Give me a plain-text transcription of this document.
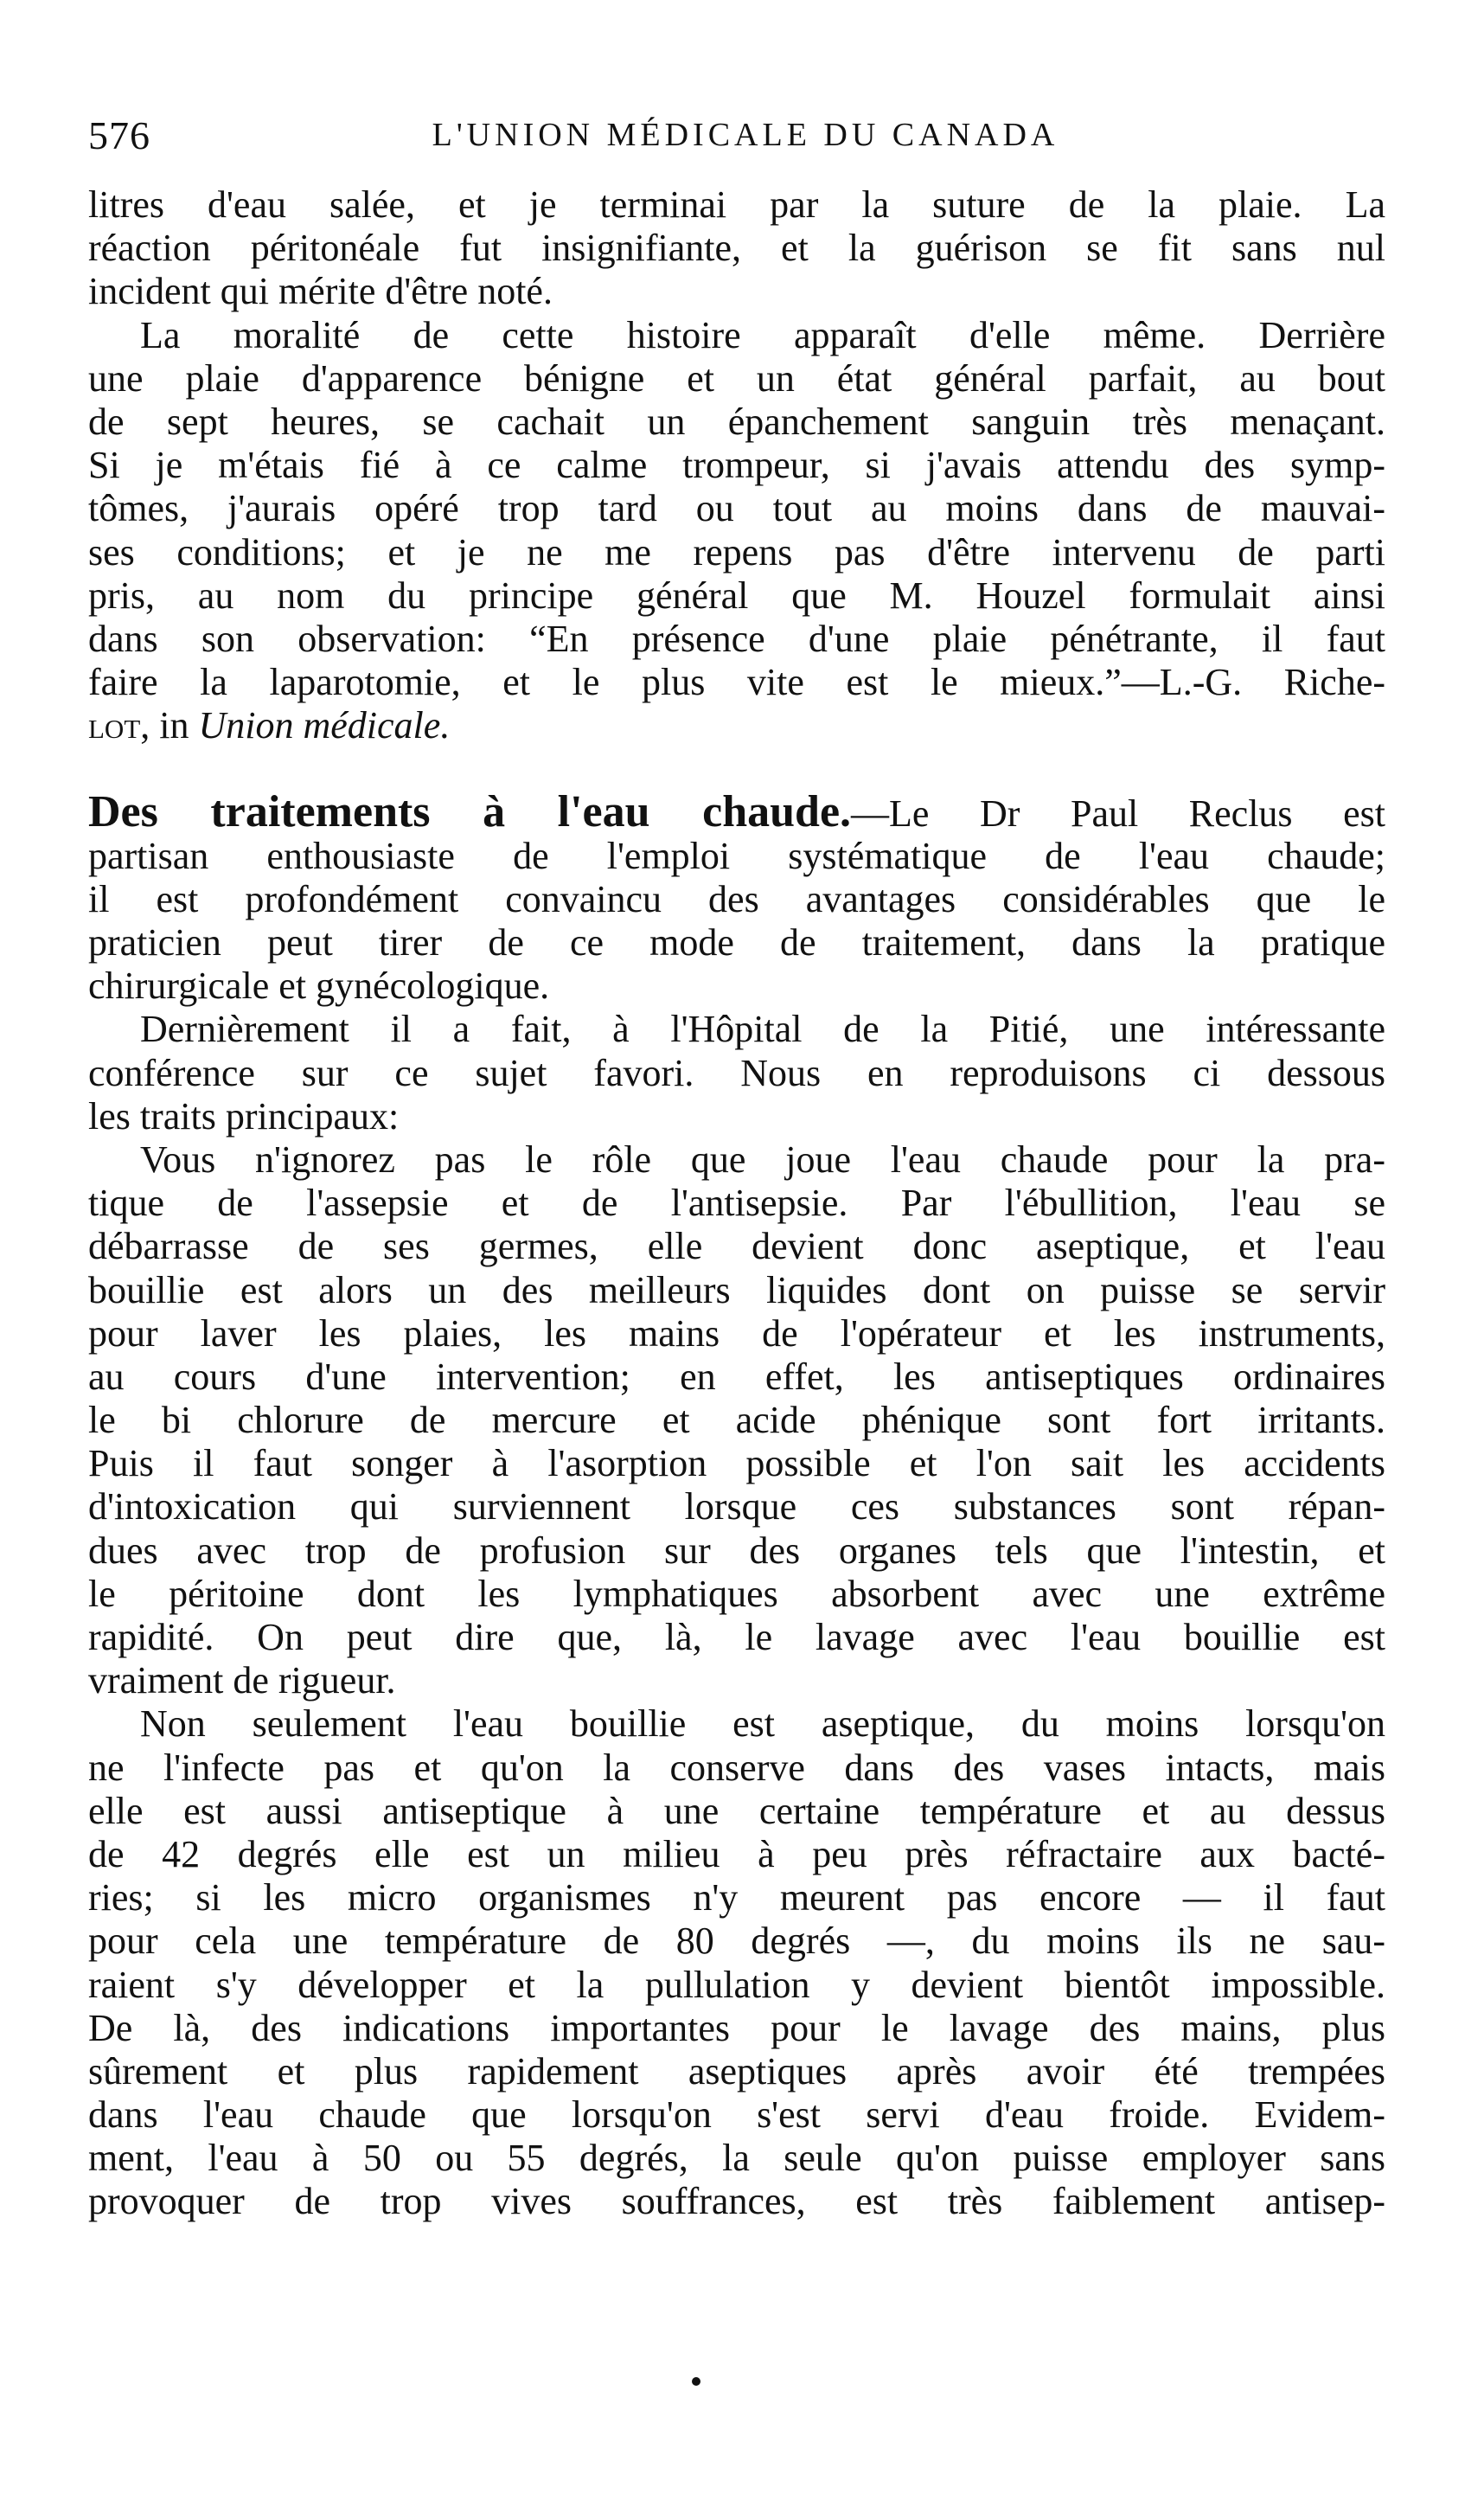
576	L'UNION MÉDICALE DU CANADA
litres d'eau salée, et je terminai par la suture de la plaie. La
réaction péritonéale fut insignifiante, et la guérison se fit sans nul
incident qui mérite d'être noté.
La moralité de cette histoire apparaît d'elle même. Derrière
une plaie d'apparence bénigne et un état général parfait, au bout
de sept heures, se cachait un épanchement sanguin très menaçant.
Si je m'étais fié à ce calme trompeur, si j'avais attendu des symp-
tômes, j'aurais opéré trop tard ou tout au moins dans de mauvai-
ses conditions; et je ne me repens pas d'être intervenu de parti
pris, au nom du principe général que M. Houzel formulait ainsi
dans son observation: “En présence d'une plaie pénétrante, il faut
faire la laparotomie, et le plus vite est le mieux.”—L.-G. Riche-
lot, in Union médicale.
Des traitements à l'eau chaude.—Le Dr Paul Reclus est
partisan enthousiaste de l'emploi systématique de l'eau chaude;
il est profondément convaincu des avantages considérables que le
praticien peut tirer de ce mode de traitement, dans la pratique
chirurgicale et gynécologique.
Dernièrement il a fait, à l'Hôpital de la Pitié, une intéressante
conférence sur ce sujet favori. Nous en reproduisons ci dessous
les traits principaux:
Vous n'ignorez pas le rôle que joue l'eau chaude pour la pra-
tique de l'assepsie et de l'antisepsie. Par l'ébullition, l'eau se
débarrasse de ses germes, elle devient donc aseptique, et l'eau
bouillie est alors un des meilleurs liquides dont on puisse se servir
pour laver les plaies, les mains de l'opérateur et les instruments,
au cours d'une intervention; en effet, les antiseptiques ordinaires
le bi chlorure de mercure et acide phénique sont fort irritants.
Puis il faut songer à l'asorption possible et l'on sait les accidents
d'intoxication qui surviennent lorsque ces substances sont répan-
dues avec trop de profusion sur des organes tels que l'intestin, et
le péritoine dont les lymphatiques absorbent avec une extrême
rapidité. On peut dire que, là, le lavage avec l'eau bouillie est
vraiment de rigueur.
Non seulement l'eau bouillie est aseptique, du moins lorsqu'on
ne l'infecte pas et qu'on la conserve dans des vases intacts, mais
elle est aussi antiseptique à une certaine température et au dessus
de 42 degrés elle est un milieu à peu près réfractaire aux bacté-
ries; si les micro organismes n'y meurent pas encore — il faut
pour cela une température de 80 degrés —, du moins ils ne sau-
raient s'y développer et la pullulation y devient bientôt impossible.
De là, des indications importantes pour le lavage des mains, plus
sûrement et plus rapidement aseptiques après avoir été trempées
dans l'eau chaude que lorsqu'on s'est servi d'eau froide. Evidem-
ment, l'eau à 50 ou 55 degrés, la seule qu'on puisse employer sans
provoquer de trop vives souffrances, est très faiblement antisep-
